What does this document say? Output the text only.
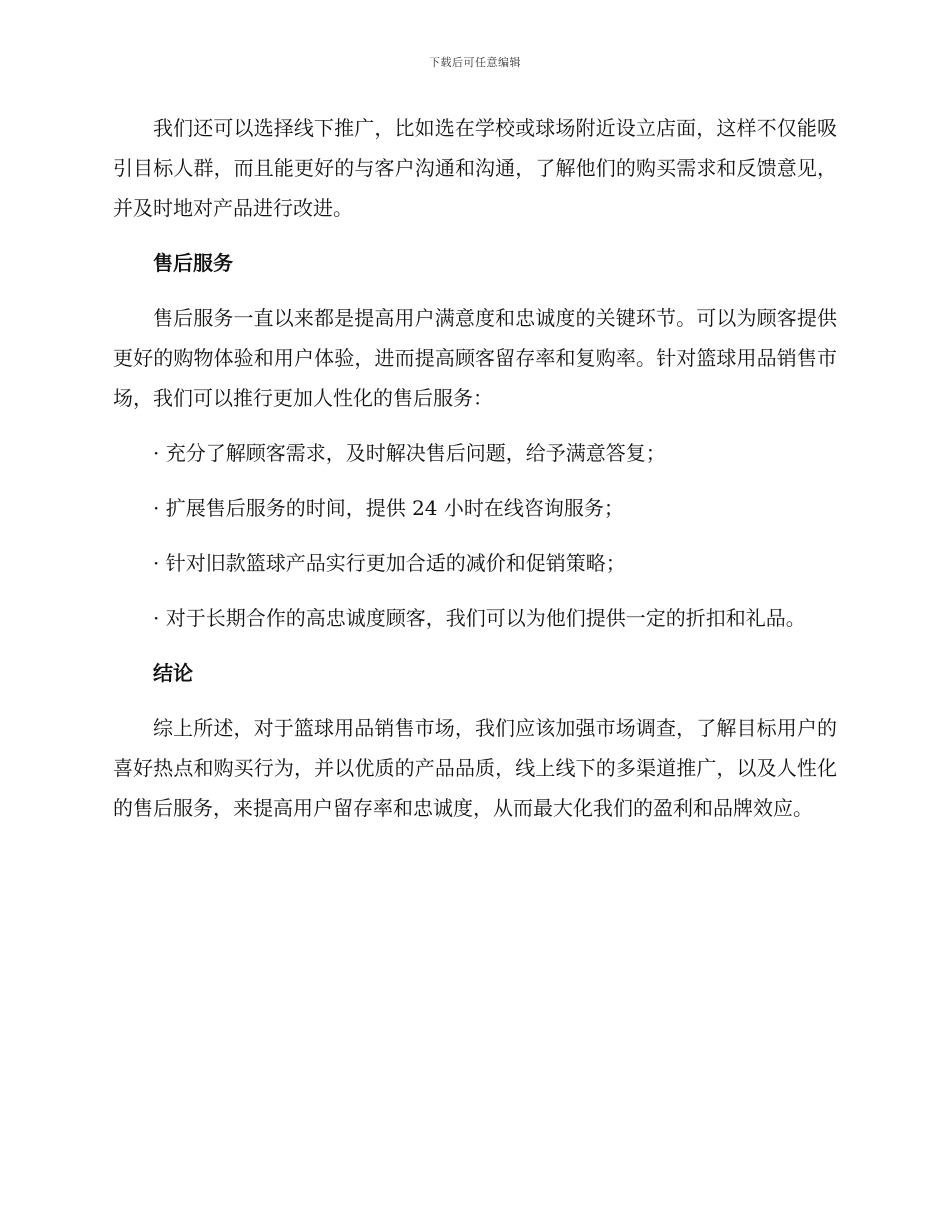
下载后可任意编辑

我们还可以选择线下推广，比如选在学校或球场附近设立店面，这样不仅能吸引目标人群，而且能更好的与客户沟通和沟通，了解他们的购买需求和反馈意见，并及时地对产品进行改进。

售后服务

售后服务一直以来都是提高用户满意度和忠诚度的关键环节。可以为顾客提供更好的购物体验和用户体验，进而提高顾客留存率和复购率。针对篮球用品销售市场，我们可以推行更加人性化的售后服务：

· 充分了解顾客需求，及时解决售后问题，给予满意答复；

· 扩展售后服务的时间，提供 24 小时在线咨询服务；

· 针对旧款篮球产品实行更加合适的减价和促销策略；

· 对于长期合作的高忠诚度顾客，我们可以为他们提供一定的折扣和礼品。

结论

综上所述，对于篮球用品销售市场，我们应该加强市场调查，了解目标用户的喜好热点和购买行为，并以优质的产品品质，线上线下的多渠道推广，以及人性化的售后服务，来提高用户留存率和忠诚度，从而最大化我们的盈利和品牌效应。
